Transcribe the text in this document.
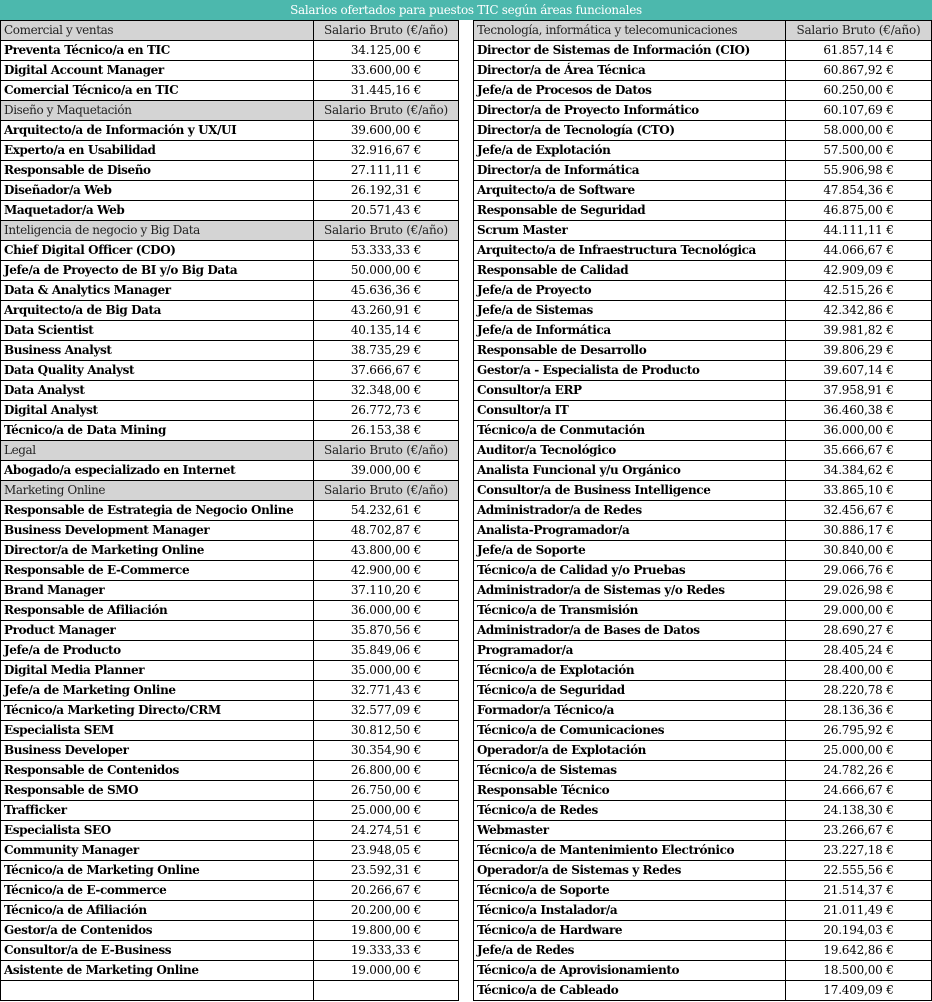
Salarios ofertados para puestos TIC según áreas funcionales
Comercial y ventas	Salario Bruto (€/año)
Preventa Técnico/a en TIC	34.125,00 €
Digital Account Manager	33.600,00 €
Comercial Técnico/a en TIC	31.445,16 €
Diseño y Maquetación	Salario Bruto (€/año)
Arquitecto/a de Información y UX/UI	39.600,00 €
Experto/a en Usabilidad	32.916,67 €
Responsable de Diseño	27.111,11 €
Diseñador/a Web	26.192,31 €
Maquetador/a Web	20.571,43 €
Inteligencia de negocio y Big Data	Salario Bruto (€/año)
Chief Digital Officer (CDO)	53.333,33 €
Jefe/a de Proyecto de BI y/o Big Data	50.000,00 €
Data & Analytics Manager	45.636,36 €
Arquitecto/a de Big Data	43.260,91 €
Data Scientist	40.135,14 €
Business Analyst	38.735,29 €
Data Quality Analyst	37.666,67 €
Data Analyst	32.348,00 €
Digital Analyst	26.772,73 €
Técnico/a de Data Mining	26.153,38 €
Legal	Salario Bruto (€/año)
Abogado/a especializado en Internet	39.000,00 €
Marketing Online	Salario Bruto (€/año)
Responsable de Estrategia de Negocio Online	54.232,61 €
Business Development Manager	48.702,87 €
Director/a de Marketing Online	43.800,00 €
Responsable de E-Commerce	42.900,00 €
Brand Manager	37.110,20 €
Responsable de Afiliación	36.000,00 €
Product Manager	35.870,56 €
Jefe/a de Producto	35.849,06 €
Digital Media Planner	35.000,00 €
Jefe/a de Marketing Online	32.771,43 €
Técnico/a Marketing Directo/CRM	32.577,09 €
Especialista SEM	30.812,50 €
Business Developer	30.354,90 €
Responsable de Contenidos	26.800,00 €
Responsable de SMO	26.750,00 €
Trafficker	25.000,00 €
Especialista SEO	24.274,51 €
Community Manager	23.948,05 €
Técnico/a de Marketing Online	23.592,31 €
Técnico/a de E-commerce	20.266,67 €
Técnico/a de Afiliación	20.200,00 €
Gestor/a de Contenidos	19.800,00 €
Consultor/a de E-Business	19.333,33 €
Asistente de Marketing Online	19.000,00 €
Tecnología, informática y telecomunicaciones	Salario Bruto (€/año)
Director de Sistemas de Información (CIO)	61.857,14 €
Director/a de Área Técnica	60.867,92 €
Jefe/a de Procesos de Datos	60.250,00 €
Director/a de Proyecto Informático	60.107,69 €
Director/a de Tecnología (CTO)	58.000,00 €
Jefe/a de Explotación	57.500,00 €
Director/a de Informática	55.906,98 €
Arquitecto/a de Software	47.854,36 €
Responsable de Seguridad	46.875,00 €
Scrum Master	44.111,11 €
Arquitecto/a de Infraestructura Tecnológica	44.066,67 €
Responsable de Calidad	42.909,09 €
Jefe/a de Proyecto	42.515,26 €
Jefe/a de Sistemas	42.342,86 €
Jefe/a de Informática	39.981,82 €
Responsable de Desarrollo	39.806,29 €
Gestor/a - Especialista de Producto	39.607,14 €
Consultor/a ERP	37.958,91 €
Consultor/a IT	36.460,38 €
Técnico/a de Conmutación	36.000,00 €
Auditor/a Tecnológico	35.666,67 €
Analista Funcional y/u Orgánico	34.384,62 €
Consultor/a de Business Intelligence	33.865,10 €
Administrador/a de Redes	32.456,67 €
Analista-Programador/a	30.886,17 €
Jefe/a de Soporte	30.840,00 €
Técnico/a de Calidad y/o Pruebas	29.066,76 €
Administrador/a de Sistemas y/o Redes	29.026,98 €
Técnico/a de Transmisión	29.000,00 €
Administrador/a de Bases de Datos	28.690,27 €
Programador/a	28.405,24 €
Técnico/a de Explotación	28.400,00 €
Técnico/a de Seguridad	28.220,78 €
Formador/a Técnico/a	28.136,36 €
Técnico/a de Comunicaciones	26.795,92 €
Operador/a de Explotación	25.000,00 €
Técnico/a de Sistemas	24.782,26 €
Responsable Técnico	24.666,67 €
Técnico/a de Redes	24.138,30 €
Webmaster	23.266,67 €
Técnico/a de Mantenimiento Electrónico	23.227,18 €
Operador/a de Sistemas y Redes	22.555,56 €
Técnico/a de Soporte	21.514,37 €
Técnico/a Instalador/a	21.011,49 €
Técnico/a de Hardware	20.194,03 €
Jefe/a de Redes	19.642,86 €
Técnico/a de Aprovisionamiento	18.500,00 €
Técnico/a de Cableado	17.409,09 €
